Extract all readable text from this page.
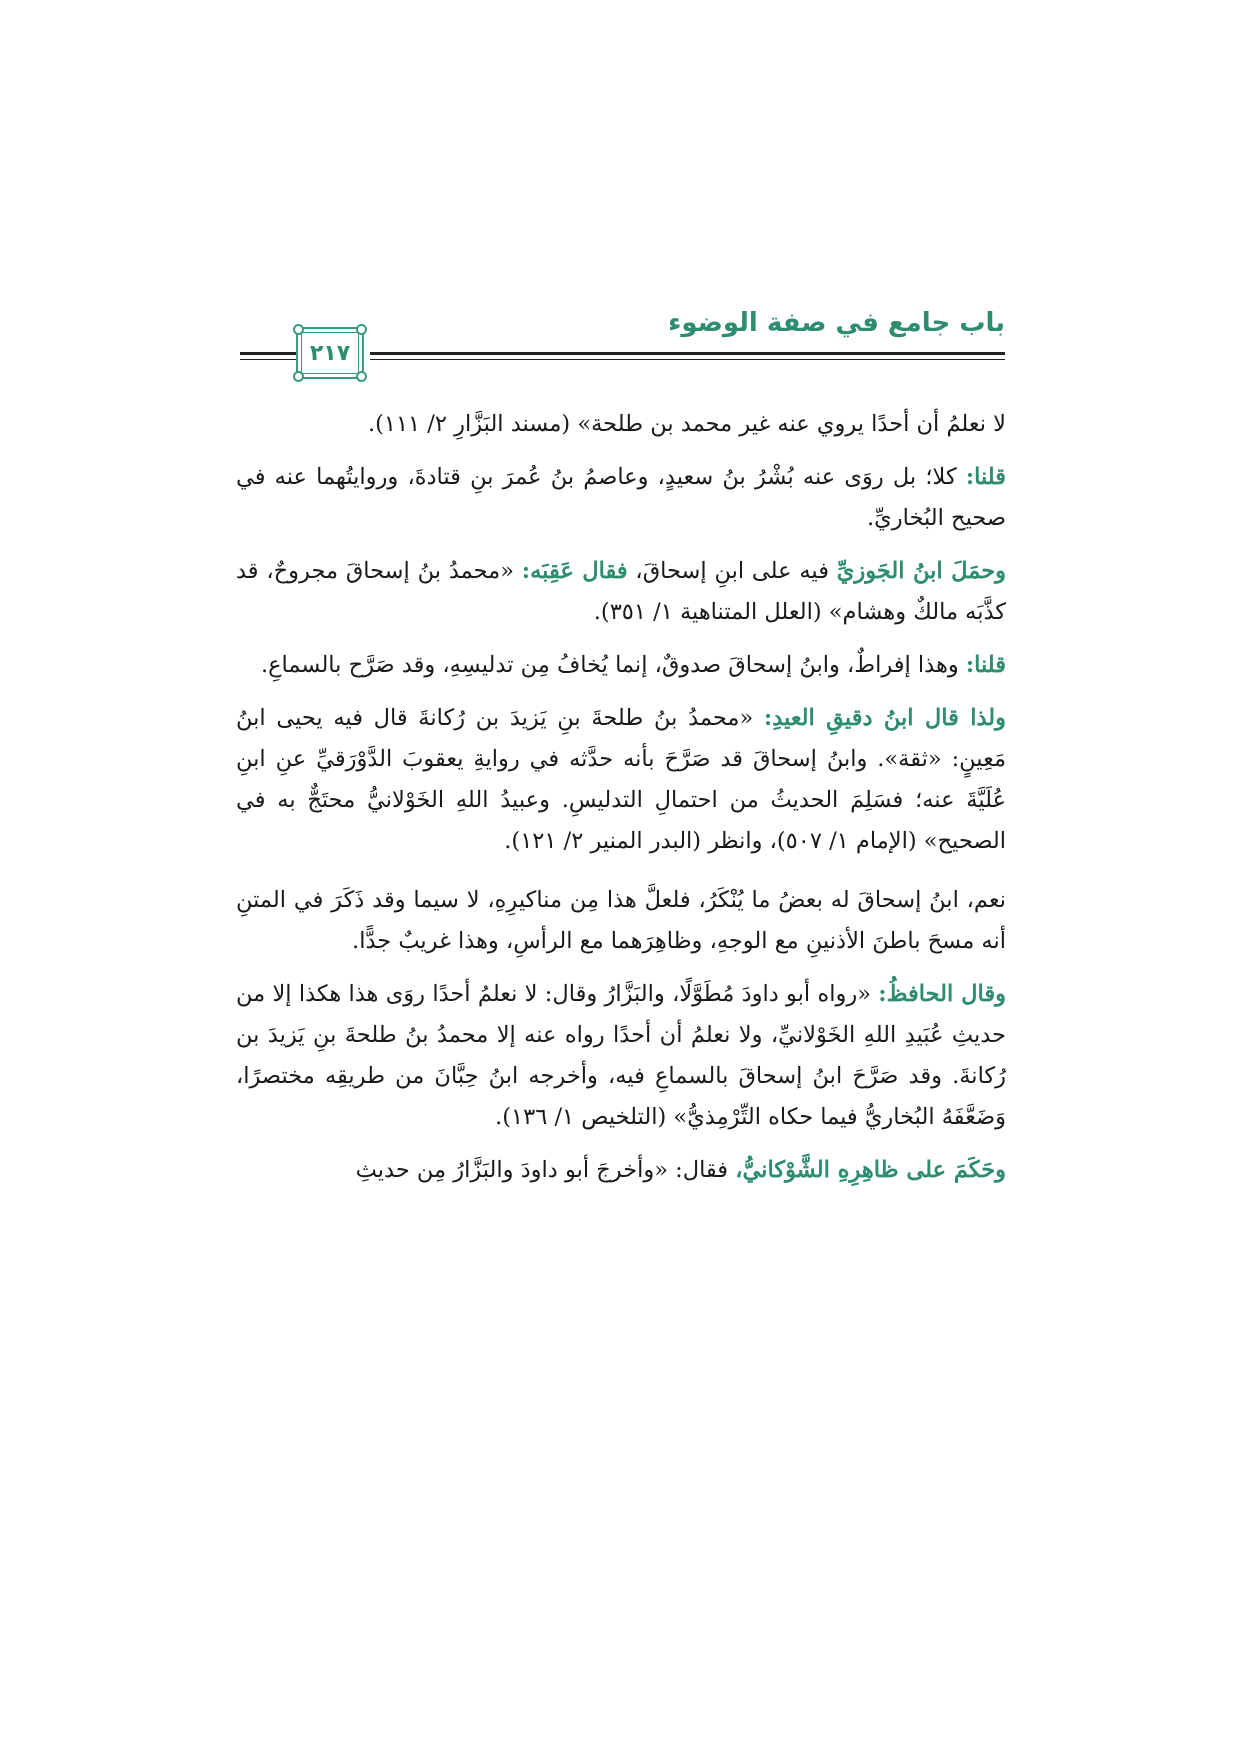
باب جامع في صفة الوضوء
٢١٧

لا نعلمُ أن أحدًا يروي عنه غير محمد بن طلحة» (مسند البَزَّارِ ٢/ ١١١).

قلنا: كلا؛ بل روَى عنه بُشْرُ بنُ سعيدٍ، وعاصمُ بنُ عُمرَ بنِ قتادةَ، وروايتُهما عنه في صحيح البُخاريِّ.

وحمَلَ ابنُ الجَوزيِّ فيه على ابنِ إسحاقَ، فقال عَقِبَه: «محمدُ بنُ إسحاقَ مجروحٌ، قد كذَّبَه مالكٌ وهشام» (العلل المتناهية ١/ ٣٥١).

قلنا: وهذا إفراطٌ، وابنُ إسحاقَ صدوقٌ، إنما يُخافُ مِن تدليسِهِ، وقد صَرَّح بالسماعِ.

ولذا قال ابنُ دقيقِ العيدِ: «محمدُ بنُ طلحةَ بنِ يَزيدَ بن رُكانةَ قال فيه يحيى ابنُ مَعِينٍ: «ثقة». وابنُ إسحاقَ قد صَرَّحَ بأنه حدَّثه في روايةِ يعقوبَ الدَّوْرَقيِّ عنِ ابنِ عُلَيَّةَ عنه؛ فسَلِمَ الحديثُ من احتمالِ التدليسِ. وعبيدُ اللهِ الخَوْلانيُّ محتَجٌّ به في الصحيح» (الإمام ١/ ٥٠٧)، وانظر (البدر المنير ٢/ ١٢١).

نعم، ابنُ إسحاقَ له بعضُ ما يُنْكَرُ، فلعلَّ هذا مِن مناكيرِهِ، لا سيما وقد ذَكَرَ في المتنِ أنه مسحَ باطنَ الأذنينِ مع الوجهِ، وظاهِرَهما مع الرأسِ، وهذا غريبٌ جدًّا.

وقال الحافظُ: «رواه أبو داودَ مُطَوَّلًا، والبَزَّارُ وقال: لا نعلمُ أحدًا روَى هذا هكذا إلا من حديثِ عُبَيدِ اللهِ الخَوْلانيِّ، ولا نعلمُ أن أحدًا رواه عنه إلا محمدُ بنُ طلحةَ بنِ يَزيدَ بن رُكانةَ. وقد صَرَّحَ ابنُ إسحاقَ بالسماعِ فيه، وأخرجه ابنُ حِبَّانَ من طريقِه مختصرًا، وَضَعَّفَهُ البُخاريُّ فيما حكاه التِّرْمِذيُّ» (التلخيص ١/ ١٣٦).

وحَكَمَ على ظاهِرِهِ الشَّوْكانيُّ، فقال: «وأخرجَ أبو داودَ والبَزَّارُ مِن حديثِ
